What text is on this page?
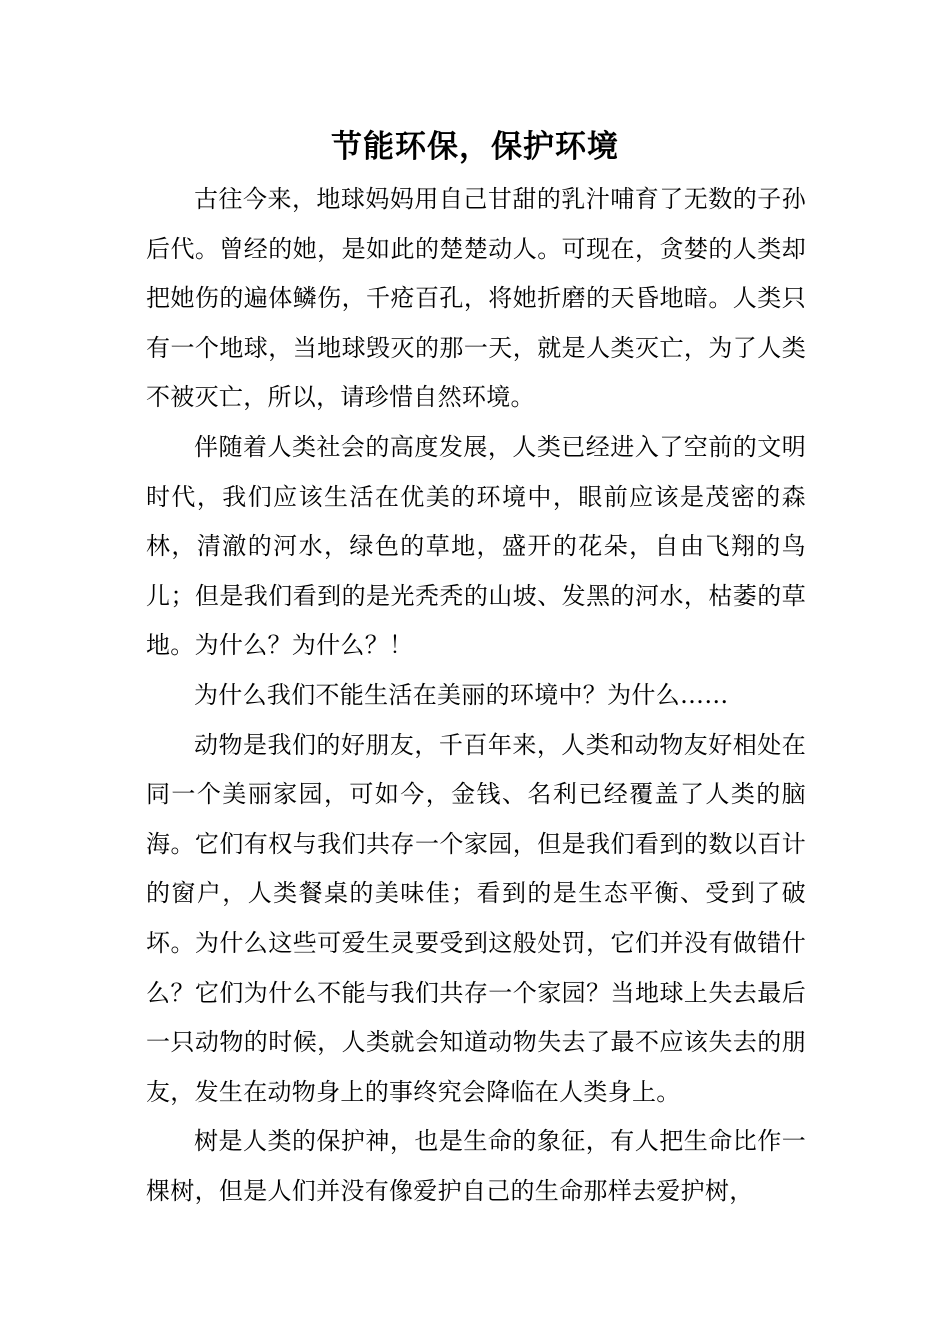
节能环保，保护环境

古往今来，地球妈妈用自己甘甜的乳汁哺育了无数的子孙后代。曾经的她，是如此的楚楚动人。可现在，贪婪的人类却把她伤的遍体鳞伤，千疮百孔，将她折磨的天昏地暗。人类只有一个地球，当地球毁灭的那一天，就是人类灭亡，为了人类不被灭亡，所以，请珍惜自然环境。

伴随着人类社会的高度发展，人类已经进入了空前的文明时代，我们应该生活在优美的环境中，眼前应该是茂密的森林，清澈的河水，绿色的草地，盛开的花朵，自由飞翔的鸟儿；但是我们看到的是光秃秃的山坡、发黑的河水，枯萎的草地。为什么？为什么？！

为什么我们不能生活在美丽的环境中？为什么……

动物是我们的好朋友，千百年来，人类和动物友好相处在同一个美丽家园，可如今，金钱、名利已经覆盖了人类的脑海。它们有权与我们共存一个家园，但是我们看到的数以百计的窗户，人类餐桌的美味佳；看到的是生态平衡、受到了破坏。为什么这些可爱生灵要受到这般处罚，它们并没有做错什么？它们为什么不能与我们共存一个家园？当地球上失去最后一只动物的时候，人类就会知道动物失去了最不应该失去的朋友，发生在动物身上的事终究会降临在人类身上。

树是人类的保护神，也是生命的象征，有人把生命比作一棵树，但是人们并没有像爱护自己的生命那样去爱护树，
